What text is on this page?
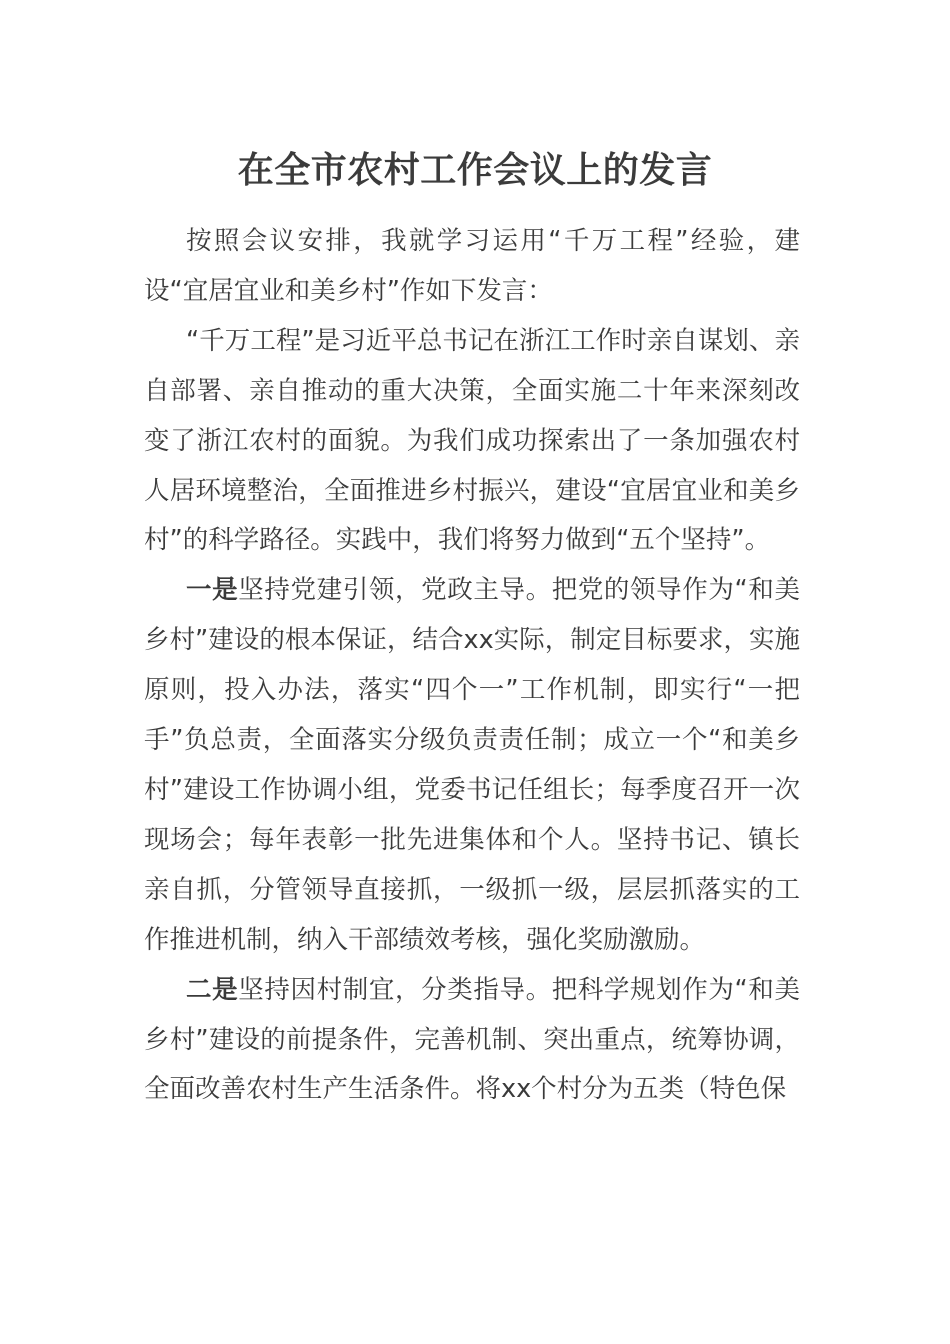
在全市农村工作会议上的发言

按照会议安排，我就学习运用“千万工程”经验，建设“宜居宜业和美乡村”作如下发言：

“千万工程”是习近平总书记在浙江工作时亲自谋划、亲自部署、亲自推动的重大决策，全面实施二十年来深刻改变了浙江农村的面貌。为我们成功探索出了一条加强农村人居环境整治，全面推进乡村振兴，建设“宜居宜业和美乡村”的科学路径。实践中，我们将努力做到“五个坚持”。

一是坚持党建引领，党政主导。把党的领导作为“和美乡村”建设的根本保证，结合xx实际，制定目标要求，实施原则，投入办法，落实“四个一”工作机制，即实行“一把手”负总责，全面落实分级负责责任制；成立一个“和美乡村”建设工作协调小组，党委书记任组长；每季度召开一次现场会；每年表彰一批先进集体和个人。坚持书记、镇长亲自抓，分管领导直接抓，一级抓一级，层层抓落实的工作推进机制，纳入干部绩效考核，强化奖励激励。

二是坚持因村制宜，分类指导。把科学规划作为“和美乡村”建设的前提条件，完善机制、突出重点，统筹协调，全面改善农村生产生活条件。将xx个村分为五类（特色保
